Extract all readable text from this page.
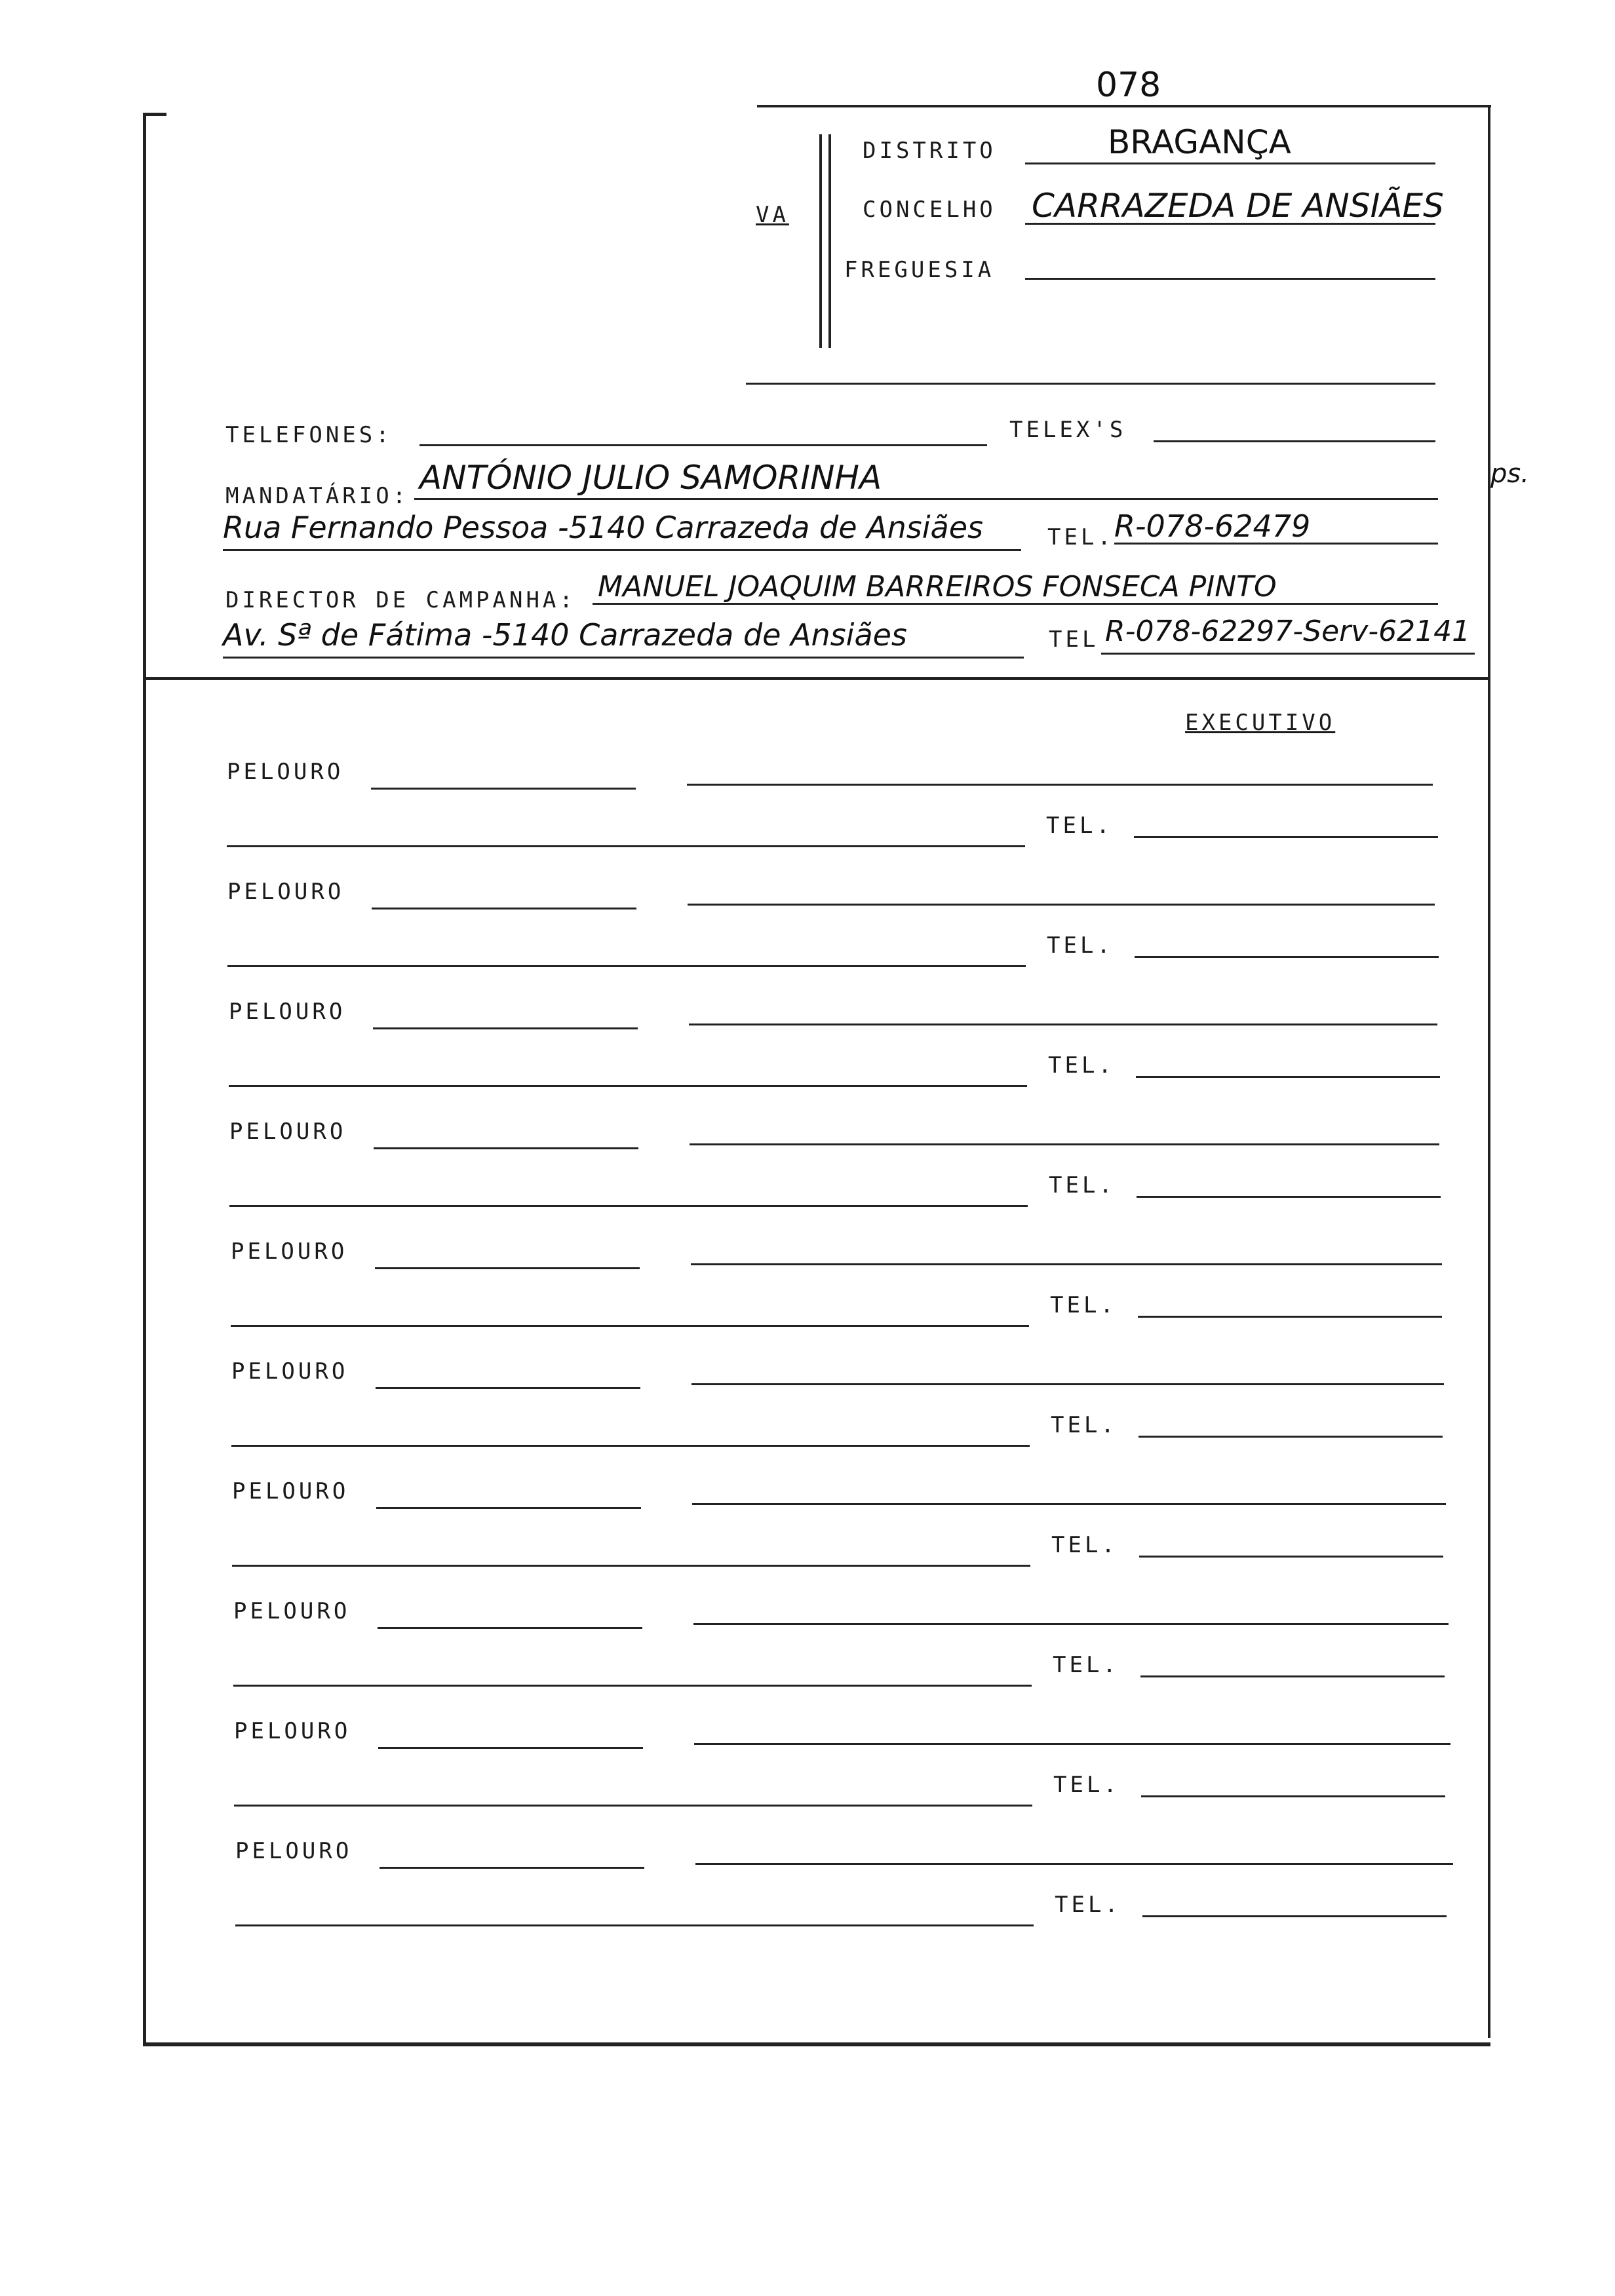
078
ps.
VA
DISTRITO	BRAGANÇA
CONCELHO CARRAZEDA DE ANSIÃES
FREGUESIA
TELEFONES:	TELEX'S
MANDATÁRIO: ANTÓNIO JULIO SAMORINHA
Rua Fernando Pessoa -5140 Carrazeda de Ansiães	TEL. R-078-62479
DIRECTOR DE CAMPANHA: MANUEL JOAQUIM BARREIROS FONSECA PINTO
Av. Sª de Fátima -5140 Carrazeda de Ansiães	TEL R-078-62297-Serv-62141
EXECUTIVO
PELOURO
TEL.
PELOURO
TEL.
PELOURO
TEL.
PELOURO
TEL.
PELOURO
TEL.
PELOURO
TEL.
PELOURO
TEL.
PELOURO
TEL.
PELOURO
TEL.
PELOURO
TEL.
